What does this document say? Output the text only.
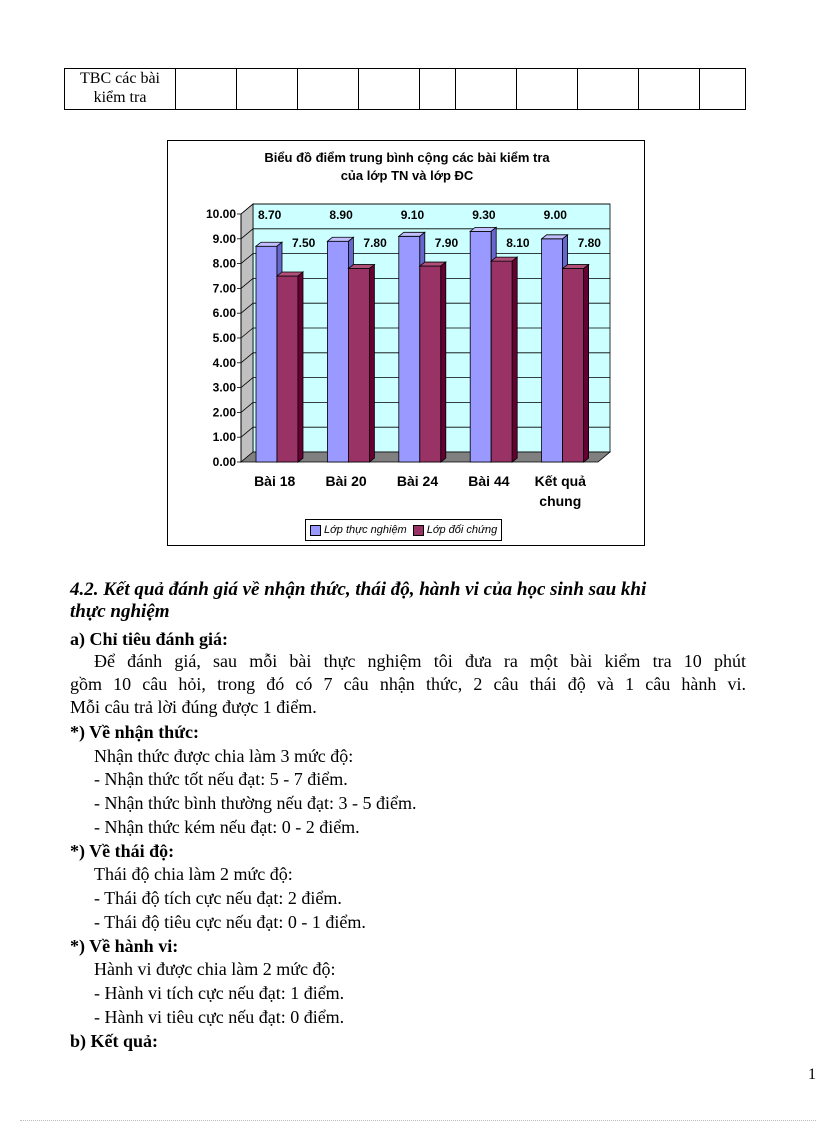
TBC các bài kiểm tra										
Biểu đồ điểm trung bình cộng các bài kiểm tra
của lớp TN và lớp ĐC
0.00
1.00
2.00
3.00
4.00
5.00
6.00
7.00
8.00
9.00
10.00 8.70
7.50
Bài 18
8.90
7.80
Bài 20
9.10
7.90
Bài 24
9.30
8.10
Bài 44
9.00
7.80
Kết quả
chung
Lớp thực nghiệm Lớp đối chứng
4.2. Kết quả đánh giá về nhận thức, thái độ, hành vi của học sinh sau khi
thực nghiệm
a) Chỉ tiêu đánh giá:
Để đánh giá, sau mỗi bài thực nghiệm tôi đưa ra một bài kiểm tra 10 phút
gồm 10 câu hỏi, trong đó có 7 câu nhận thức, 2 câu thái độ và 1 câu hành vi.
Mỗi câu trả lời đúng được 1 điểm.
*) Về nhận thức:
Nhận thức được chia làm 3 mức độ:
- Nhận thức tốt nếu đạt: 5 - 7 điểm.
- Nhận thức bình thường nếu đạt: 3 - 5 điểm.
- Nhận thức kém nếu đạt: 0 - 2 điểm.
*) Về thái độ:
Thái độ chia làm 2 mức độ:
- Thái độ tích cực nếu đạt: 2 điểm.
- Thái độ tiêu cực nếu đạt: 0 - 1 điểm.
*) Về hành vi:
Hành vi được chia làm 2 mức độ:
- Hành vi tích cực nếu đạt: 1 điểm.
- Hành vi tiêu cực nếu đạt: 0 điểm.
b) Kết quả:
1
